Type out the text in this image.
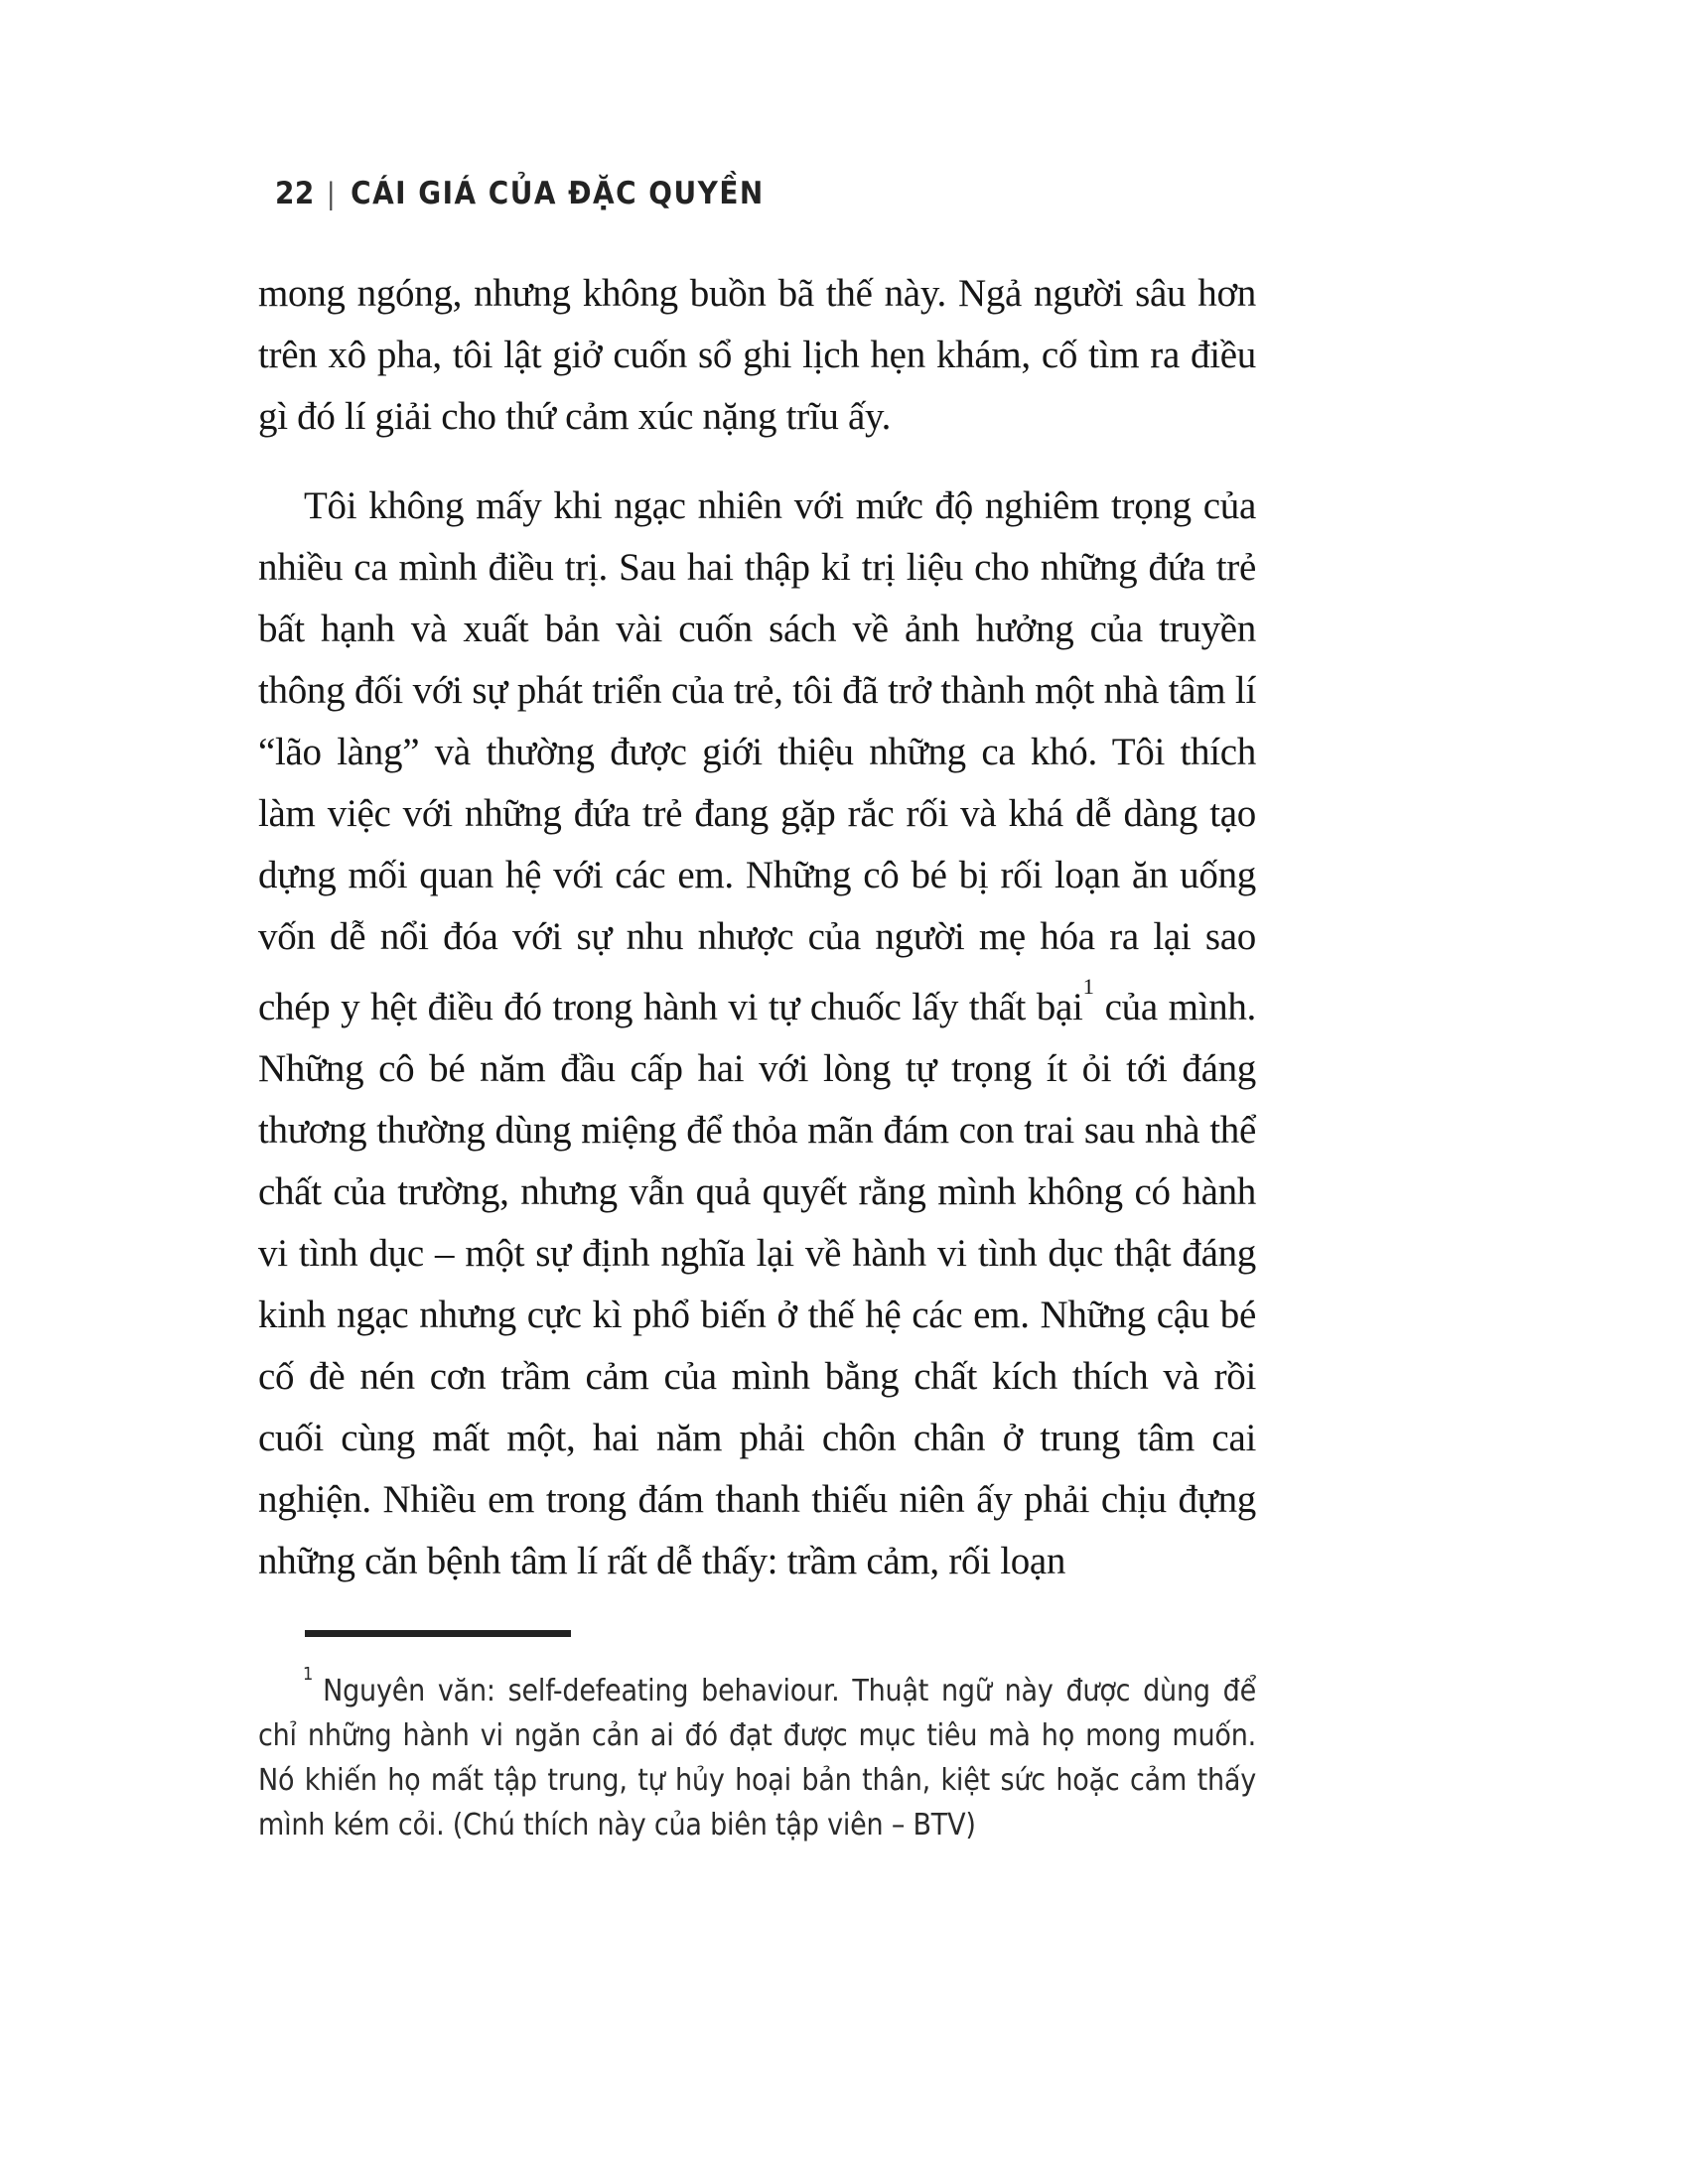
22 | CÁI GIÁ CỦA ĐẶC QUYỀN

mong ngóng, nhưng không buồn bã thế này. Ngả người sâu hơn trên xô pha, tôi lật giở cuốn sổ ghi lịch hẹn khám, cố tìm ra điều gì đó lí giải cho thứ cảm xúc nặng trĩu ấy.

Tôi không mấy khi ngạc nhiên với mức độ nghiêm trọng của nhiều ca mình điều trị. Sau hai thập kỉ trị liệu cho những đứa trẻ bất hạnh và xuất bản vài cuốn sách về ảnh hưởng của truyền thông đối với sự phát triển của trẻ, tôi đã trở thành một nhà tâm lí “lão làng” và thường được giới thiệu những ca khó. Tôi thích làm việc với những đứa trẻ đang gặp rắc rối và khá dễ dàng tạo dựng mối quan hệ với các em. Những cô bé bị rối loạn ăn uống vốn dễ nổi đóa với sự nhu nhược của người mẹ hóa ra lại sao chép y hệt điều đó trong hành vi tự chuốc lấy thất bại$^1$ của mình. Những cô bé năm đầu cấp hai với lòng tự trọng ít ỏi tới đáng thương thường dùng miệng để thỏa mãn đám con trai sau nhà thể chất của trường, nhưng vẫn quả quyết rằng mình không có hành vi tình dục – một sự định nghĩa lại về hành vi tình dục thật đáng kinh ngạc nhưng cực kì phổ biến ở thế hệ các em. Những cậu bé cố đè nén cơn trầm cảm của mình bằng chất kích thích và rồi cuối cùng mất một, hai năm phải chôn chân ở trung tâm cai nghiện. Nhiều em trong đám thanh thiếu niên ấy phải chịu đựng những căn bệnh tâm lí rất dễ thấy: trầm cảm, rối loạn

$^1$ Nguyên văn: self-defeating behaviour. Thuật ngữ này được dùng để chỉ những hành vi ngăn cản ai đó đạt được mục tiêu mà họ mong muốn. Nó khiến họ mất tập trung, tự hủy hoại bản thân, kiệt sức hoặc cảm thấy mình kém cỏi. (Chú thích này của biên tập viên – BTV)
